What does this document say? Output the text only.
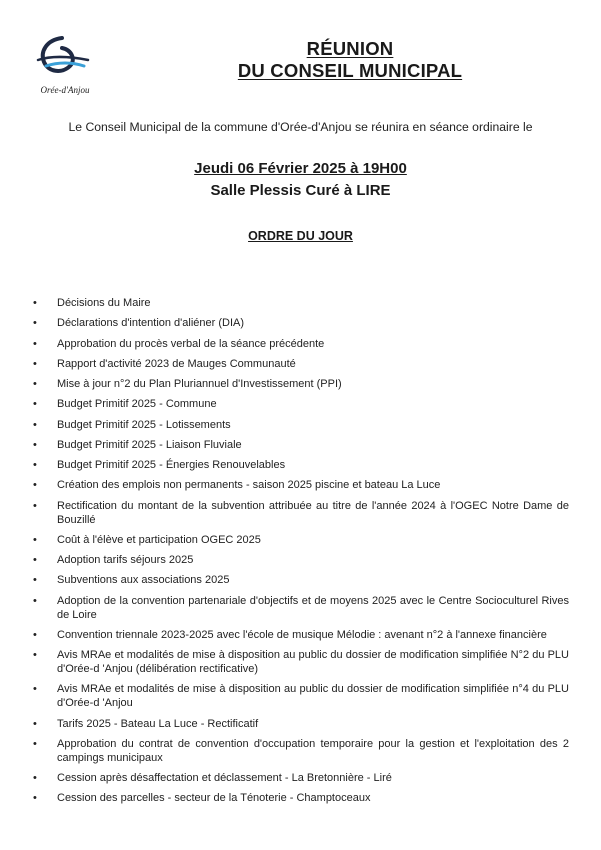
Orée-d'Anjou
RÉUNION
DU CONSEIL MUNICIPAL
Le Conseil Municipal de la commune d'Orée-d'Anjou se réunira en séance ordinaire le
Jeudi 06 Février 2025 à 19H00
Salle Plessis Curé à LIRE
ORDRE DU JOUR
• Décisions du Maire
• Déclarations d'intention d'aliéner (DIA)
• Approbation du procès verbal de la séance précédente
• Rapport d'activité 2023 de Mauges Communauté
• Mise à jour n°2 du Plan Pluriannuel d'Investissement (PPI)
• Budget Primitif 2025 - Commune
• Budget Primitif 2025 - Lotissements
• Budget Primitif 2025 - Liaison Fluviale
• Budget Primitif 2025 - Énergies Renouvelables
• Création des emplois non permanents - saison 2025 piscine et bateau La Luce
• Rectification du montant de la subvention attribuée au titre de l'année 2024 à l'OGEC Notre Dame de Bouzillé
• Coût à l'élève et participation OGEC 2025
• Adoption tarifs séjours 2025
• Subventions aux associations 2025
• Adoption de la convention partenariale d'objectifs et de moyens 2025 avec le Centre Socioculturel Rives de Loire
• Convention triennale 2023-2025 avec l'école de musique Mélodie : avenant n°2 à l'annexe financière
• Avis MRAe et modalités de mise à disposition au public du dossier de modification simplifiée N°2 du PLU d'Orée-d 'Anjou (délibération rectificative)
• Avis MRAe et modalités de mise à disposition au public du dossier de modification simplifiée n°4 du PLU d'Orée-d 'Anjou
• Tarifs 2025 - Bateau La Luce - Rectificatif
• Approbation du contrat de convention d'occupation temporaire pour la gestion et l'exploitation des 2 campings municipaux
• Cession après désaffectation et déclassement - La Bretonnière - Liré
• Cession des parcelles - secteur de la Ténoterie - Champtoceaux
